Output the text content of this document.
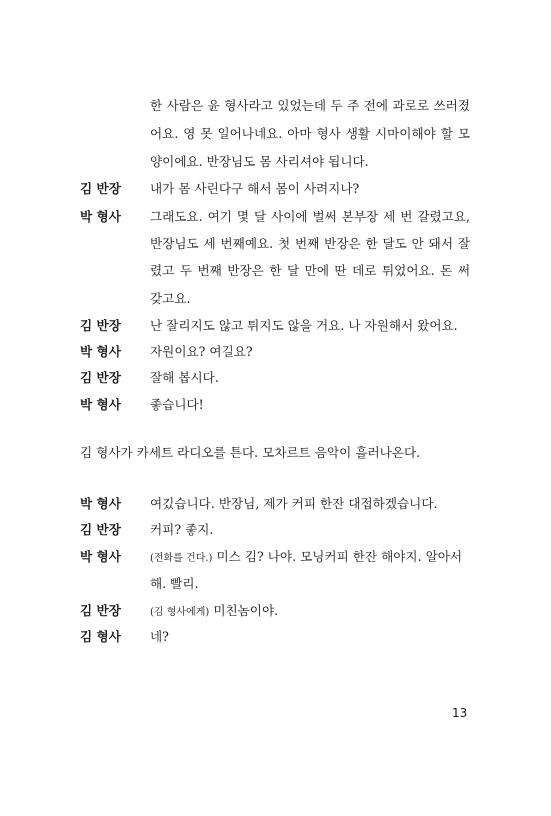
한 사람은 윤 형사라고 있었는데 두 주 전에 과로로 쓰러졌
어요. 영 못 일어나네요. 아마 형사 생활 시마이해야 할 모
양이에요. 반장님도 몸 사리셔야 됩니다.
김 반장 내가 몸 사린다구 해서 몸이 사려지나?
박 형사 그래도요. 여기 몇 달 사이에 벌써 본부장 세 번 갈렸고요,
반장님도 세 번째예요. 첫 번째 반장은 한 달도 안 돼서 잘
렸고 두 번째 반장은 한 달 만에 딴 데로 튀었어요. 돈 써
갖고요.
김 반장 난 잘리지도 않고 튀지도 않을 거요. 나 자원해서 왔어요.
박 형사 자원이요? 여길요?
김 반장 잘해 봅시다.
박 형사 좋습니다!
김 형사가 카세트 라디오를 튼다. 모차르트 음악이 흘러나온다.
박 형사 여깄습니다. 반장님, 제가 커피 한잔 대접하겠습니다.
김 반장 커피? 좋지.
박 형사	(전화를 건다.) 미스 김? 나야. 모닝커피 한잔 해야지. 알아서
해. 빨리.
김 반장	(김 형사에게) 미친놈이야.
김 형사 네?
13
